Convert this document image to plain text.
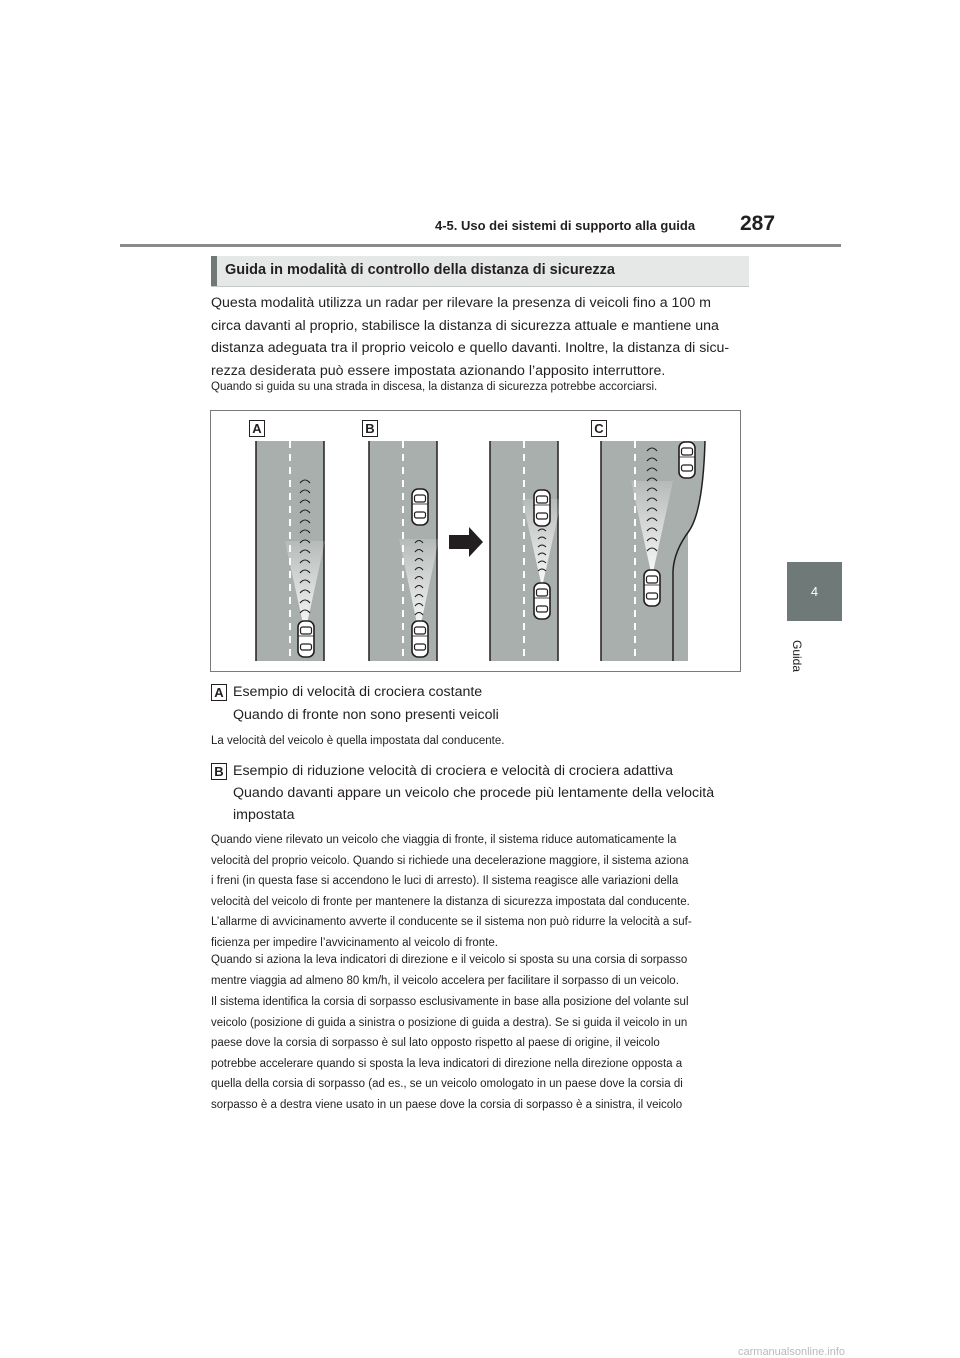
4-5. Uso dei sistemi di supporto alla guida 287
4
Guida
Guida in modalità di controllo della distanza di sicurezza
Questa modalità utilizza un radar per rilevare la presenza di veicoli fino a 100 m
circa davanti al proprio, stabilisce la distanza di sicurezza attuale e mantiene una
distanza adeguata tra il proprio veicolo e quello davanti. Inoltre, la distanza di sicu-
rezza desiderata può essere impostata azionando l’apposito interruttore.
Quando si guida su una strada in discesa, la distanza di sicurezza potrebbe accorciarsi.
A	B	C
A Esempio di velocità di crociera costante
Quando di fronte non sono presenti veicoli
La velocità del veicolo è quella impostata dal conducente.
B Esempio di riduzione velocità di crociera e velocità di crociera adattiva
Quando davanti appare un veicolo che procede più lentamente della velocità
impostata
Quando viene rilevato un veicolo che viaggia di fronte, il sistema riduce automaticamente la
velocità del proprio veicolo. Quando si richiede una decelerazione maggiore, il sistema aziona
i freni (in questa fase si accendono le luci di arresto). Il sistema reagisce alle variazioni della
velocità del veicolo di fronte per mantenere la distanza di sicurezza impostata dal conducente.
L’allarme di avvicinamento avverte il conducente se il sistema non può ridurre la velocità a suf-
ficienza per impedire l’avvicinamento al veicolo di fronte.
Quando si aziona la leva indicatori di direzione e il veicolo si sposta su una corsia di sorpasso
mentre viaggia ad almeno 80 km/h, il veicolo accelera per facilitare il sorpasso di un veicolo.
Il sistema identifica la corsia di sorpasso esclusivamente in base alla posizione del volante sul
veicolo (posizione di guida a sinistra o posizione di guida a destra). Se si guida il veicolo in un
paese dove la corsia di sorpasso è sul lato opposto rispetto al paese di origine, il veicolo
potrebbe accelerare quando si sposta la leva indicatori di direzione nella direzione opposta a
quella della corsia di sorpasso (ad es., se un veicolo omologato in un paese dove la corsia di
sorpasso è a destra viene usato in un paese dove la corsia di sorpasso è a sinistra, il veicolo
carmanualsonline.info
